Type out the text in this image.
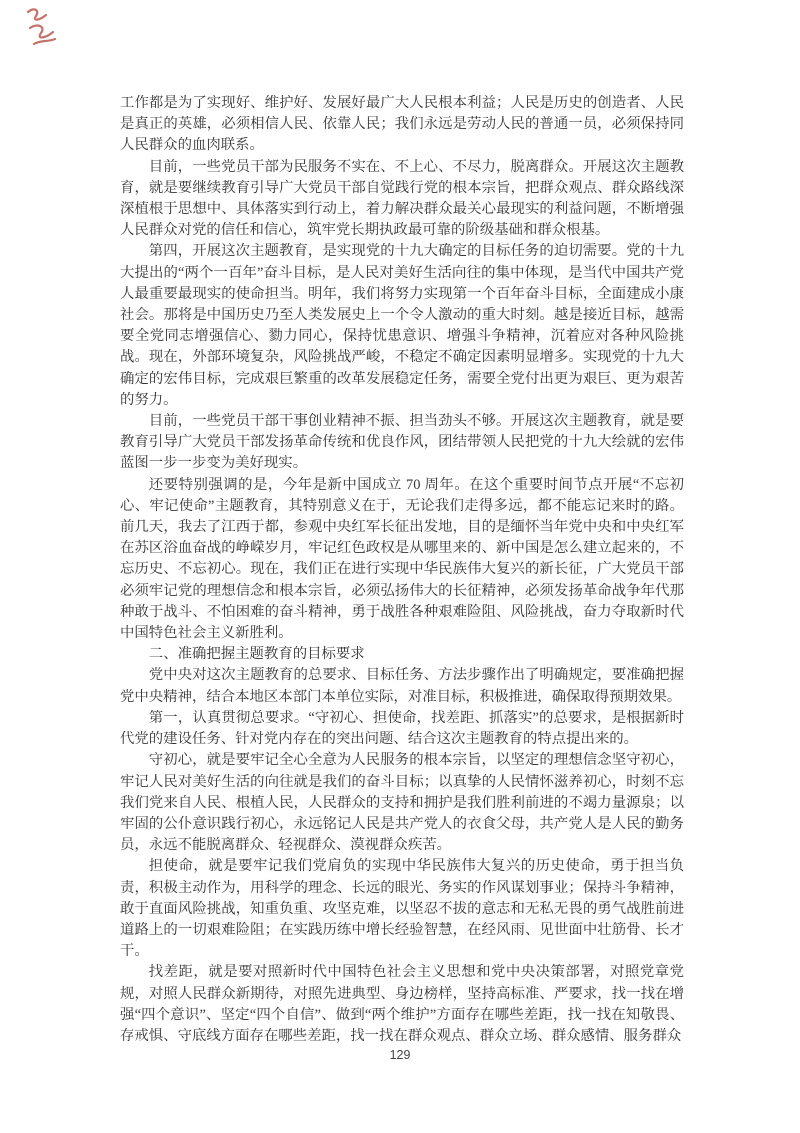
工作都是为了实现好、维护好、发展好最广大人民根本利益；人民是历史的创造者、人民是真正的英雄，必须相信人民、依靠人民；我们永远是劳动人民的普通一员，必须保持同人民群众的血肉联系。

目前，一些党员干部为民服务不实在、不上心、不尽力，脱离群众。开展这次主题教育，就是要继续教育引导广大党员干部自觉践行党的根本宗旨，把群众观点、群众路线深深植根于思想中、具体落实到行动上，着力解决群众最关心最现实的利益问题，不断增强人民群众对党的信任和信心，筑牢党长期执政最可靠的阶级基础和群众根基。

第四，开展这次主题教育，是实现党的十九大确定的目标任务的迫切需要。党的十九大提出的“两个一百年”奋斗目标，是人民对美好生活向往的集中体现，是当代中国共产党人最重要最现实的使命担当。明年，我们将努力实现第一个百年奋斗目标，全面建成小康社会。那将是中国历史乃至人类发展史上一个令人激动的重大时刻。越是接近目标，越需要全党同志增强信心、勠力同心，保持忧患意识、增强斗争精神，沉着应对各种风险挑战。现在，外部环境复杂，风险挑战严峻，不稳定不确定因素明显增多。实现党的十九大确定的宏伟目标，完成艰巨繁重的改革发展稳定任务，需要全党付出更为艰巨、更为艰苦的努力。

目前，一些党员干部干事创业精神不振、担当劲头不够。开展这次主题教育，就是要教育引导广大党员干部发扬革命传统和优良作风，团结带领人民把党的十九大绘就的宏伟蓝图一步一步变为美好现实。

还要特别强调的是，今年是新中国成立 70 周年。在这个重要时间节点开展“不忘初心、牢记使命”主题教育，其特别意义在于，无论我们走得多远，都不能忘记来时的路。前几天，我去了江西于都，参观中央红军长征出发地，目的是缅怀当年党中央和中央红军在苏区浴血奋战的峥嵘岁月，牢记红色政权是从哪里来的、新中国是怎么建立起来的，不忘历史、不忘初心。现在，我们正在进行实现中华民族伟大复兴的新长征，广大党员干部必须牢记党的理想信念和根本宗旨，必须弘扬伟大的长征精神，必须发扬革命战争年代那种敢于战斗、不怕困难的奋斗精神，勇于战胜各种艰难险阻、风险挑战，奋力夺取新时代中国特色社会主义新胜利。

二、准确把握主题教育的目标要求

党中央对这次主题教育的总要求、目标任务、方法步骤作出了明确规定，要准确把握党中央精神，结合本地区本部门本单位实际，对准目标，积极推进，确保取得预期效果。

第一，认真贯彻总要求。“守初心、担使命，找差距、抓落实”的总要求，是根据新时代党的建设任务、针对党内存在的突出问题、结合这次主题教育的特点提出来的。

守初心，就是要牢记全心全意为人民服务的根本宗旨，以坚定的理想信念坚守初心，牢记人民对美好生活的向往就是我们的奋斗目标；以真挚的人民情怀滋养初心，时刻不忘我们党来自人民、根植人民，人民群众的支持和拥护是我们胜利前进的不竭力量源泉；以牢固的公仆意识践行初心，永远铭记人民是共产党人的衣食父母，共产党人是人民的勤务员，永远不能脱离群众、轻视群众、漠视群众疾苦。

担使命，就是要牢记我们党肩负的实现中华民族伟大复兴的历史使命，勇于担当负责，积极主动作为，用科学的理念、长远的眼光、务实的作风谋划事业；保持斗争精神，敢于直面风险挑战，知重负重、攻坚克难，以坚忍不拔的意志和无私无畏的勇气战胜前进道路上的一切艰难险阻；在实践历练中增长经验智慧，在经风雨、见世面中壮筋骨、长才干。

找差距，就是要对照新时代中国特色社会主义思想和党中央决策部署，对照党章党规，对照人民群众新期待，对照先进典型、身边榜样，坚持高标准、严要求，找一找在增强“四个意识”、坚定“四个自信”、做到“两个维护”方面存在哪些差距，找一找在知敬畏、存戒惧、守底线方面存在哪些差距，找一找在群众观点、群众立场、群众感情、服务群众

129
